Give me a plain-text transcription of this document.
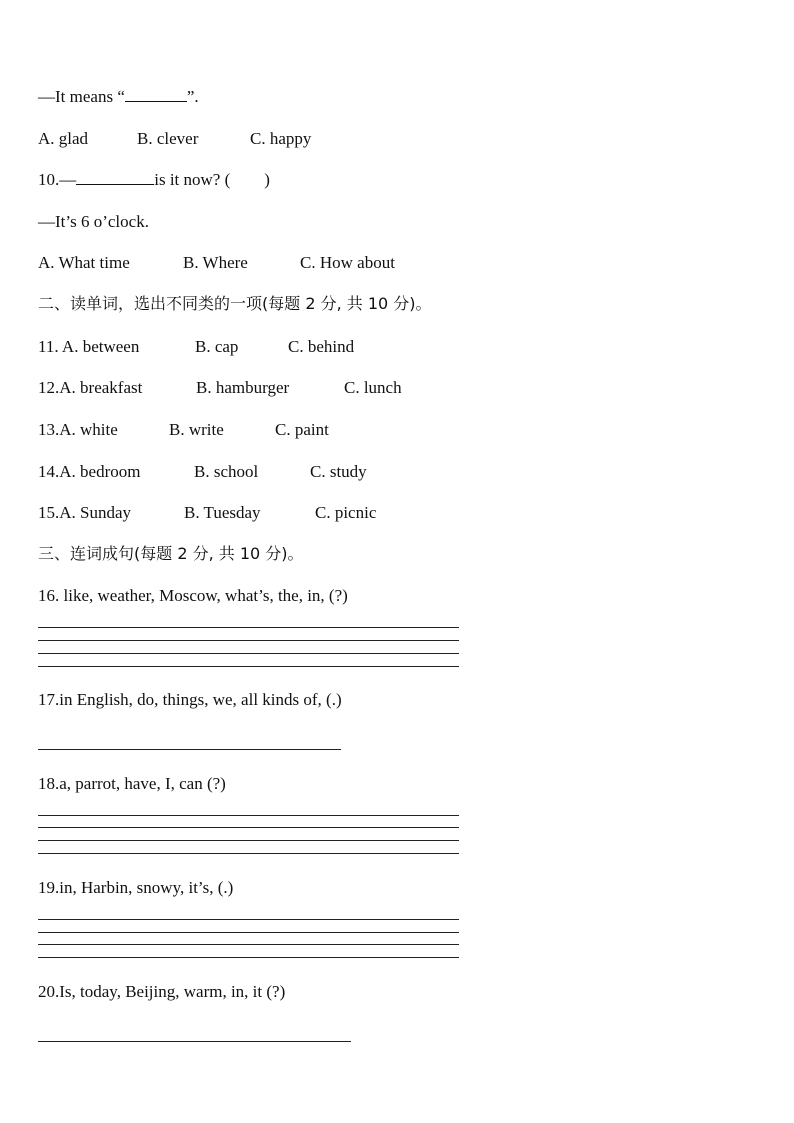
—It means “	”.
A. glad	B. clever	C. happy
10.—	is it now? ( )
—It’s 6 o’clock.
A. What time	B. Where	C. How about
二、读单词，选出不同类的一项(每题 2 分, 共 10 分)。
11. A. between	B. cap	C. behind
12.A. breakfast	B. hamburger	C. lunch
13.A. white	B. write	C. paint
14.A. bedroom	B. school	C. study
15.A. Sunday	B. Tuesday	C. picnic
三、连词成句(每题 2 分, 共 10 分)。
16. like, weather, Moscow, what’s, the, in, (?)
17.in English, do, things, we, all kinds of, (.)
18.a, parrot, have, I, can (?)
19.in, Harbin, snowy, it’s, (.)
20.Is, today, Beijing, warm, in, it (?)
